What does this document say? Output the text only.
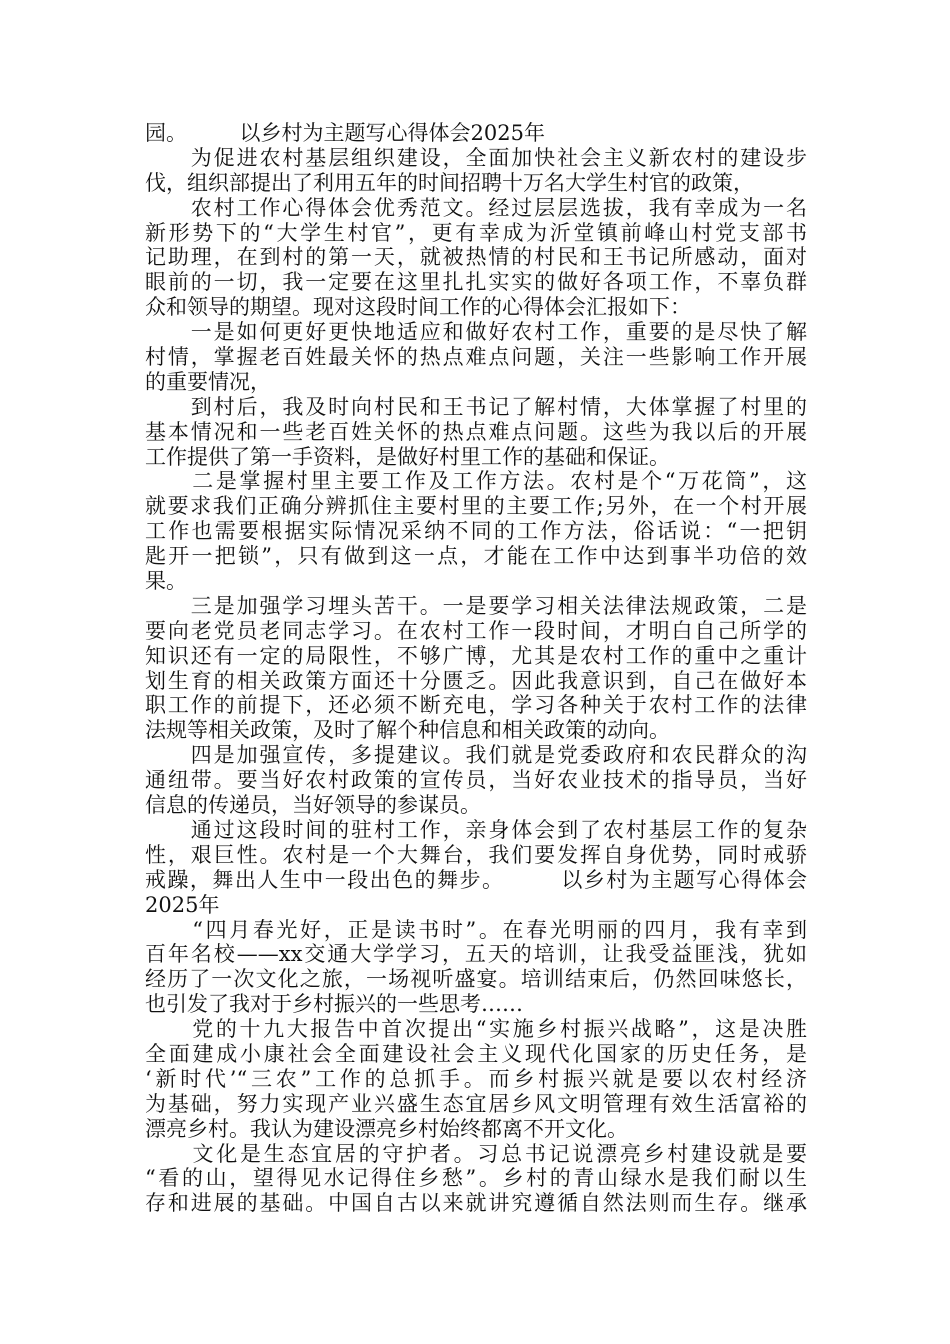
园。　　　以乡村为主题写心得体会2025年
　　为促进农村基层组织建设，全面加快社会主义新农村的建设步
伐，组织部提出了利用五年的时间招聘十万名大学生村官的政策，
　　农村工作心得体会优秀范文。经过层层选拔，我有幸成为一名
新形势下的“大学生村官”，更有幸成为沂堂镇前峰山村党支部书
记助理，在到村的第一天，就被热情的村民和王书记所感动，面对
眼前的一切，我一定要在这里扎扎实实的做好各项工作，不辜负群
众和领导的期望。现对这段时间工作的心得体会汇报如下：
　　一是如何更好更快地适应和做好农村工作，重要的是尽快了解
村情，掌握老百姓最关怀的热点难点问题，关注一些影响工作开展
的重要情况，
　　到村后，我及时向村民和王书记了解村情，大体掌握了村里的
基本情况和一些老百姓关怀的热点难点问题。这些为我以后的开展
工作提供了第一手资料，是做好村里工作的基础和保证。
　　二是掌握村里主要工作及工作方法。农村是个“万花筒”，这
就要求我们正确分辨抓住主要村里的主要工作;另外，在一个村开展
工作也需要根据实际情况采纳不同的工作方法，俗话说：“一把钥
匙开一把锁”，只有做到这一点，才能在工作中达到事半功倍的效
果。
　　三是加强学习埋头苦干。一是要学习相关法律法规政策，二是
要向老党员老同志学习。在农村工作一段时间，才明白自己所学的
知识还有一定的局限性，不够广博，尤其是农村工作的重中之重计
划生育的相关政策方面还十分匮乏。因此我意识到，自己在做好本
职工作的前提下，还必须不断充电，学习各种关于农村工作的法律
法规等相关政策，及时了解个种信息和相关政策的动向。
　　四是加强宣传，多提建议。我们就是党委政府和农民群众的沟
通纽带。要当好农村政策的宣传员，当好农业技术的指导员，当好
信息的传递员，当好领导的参谋员。
　　通过这段时间的驻村工作，亲身体会到了农村基层工作的复杂
性，艰巨性。农村是一个大舞台，我们要发挥自身优势，同时戒骄
戒躁，舞出人生中一段出色的舞步。　　　以乡村为主题写心得体会
2025年
　　“四月春光好，正是读书时”。在春光明丽的四月，我有幸到
百年名校——xx交通大学学习，五天的培训，让我受益匪浅，犹如
经历了一次文化之旅，一场视听盛宴。培训结束后，仍然回味悠长，
也引发了我对于乡村振兴的一些思考……
　　党的十九大报告中首次提出“实施乡村振兴战略”，这是决胜
全面建成小康社会全面建设社会主义现代化国家的历史任务，是
‘新时代’“三农”工作的总抓手。而乡村振兴就是要以农村经济
为基础，努力实现产业兴盛生态宜居乡风文明管理有效生活富裕的
漂亮乡村。我认为建设漂亮乡村始终都离不开文化。
　　文化是生态宜居的守护者。习总书记说漂亮乡村建设就是要
“看的山，望得见水记得住乡愁”。乡村的青山绿水是我们耐以生
存和进展的基础。中国自古以来就讲究遵循自然法则而生存。继承
